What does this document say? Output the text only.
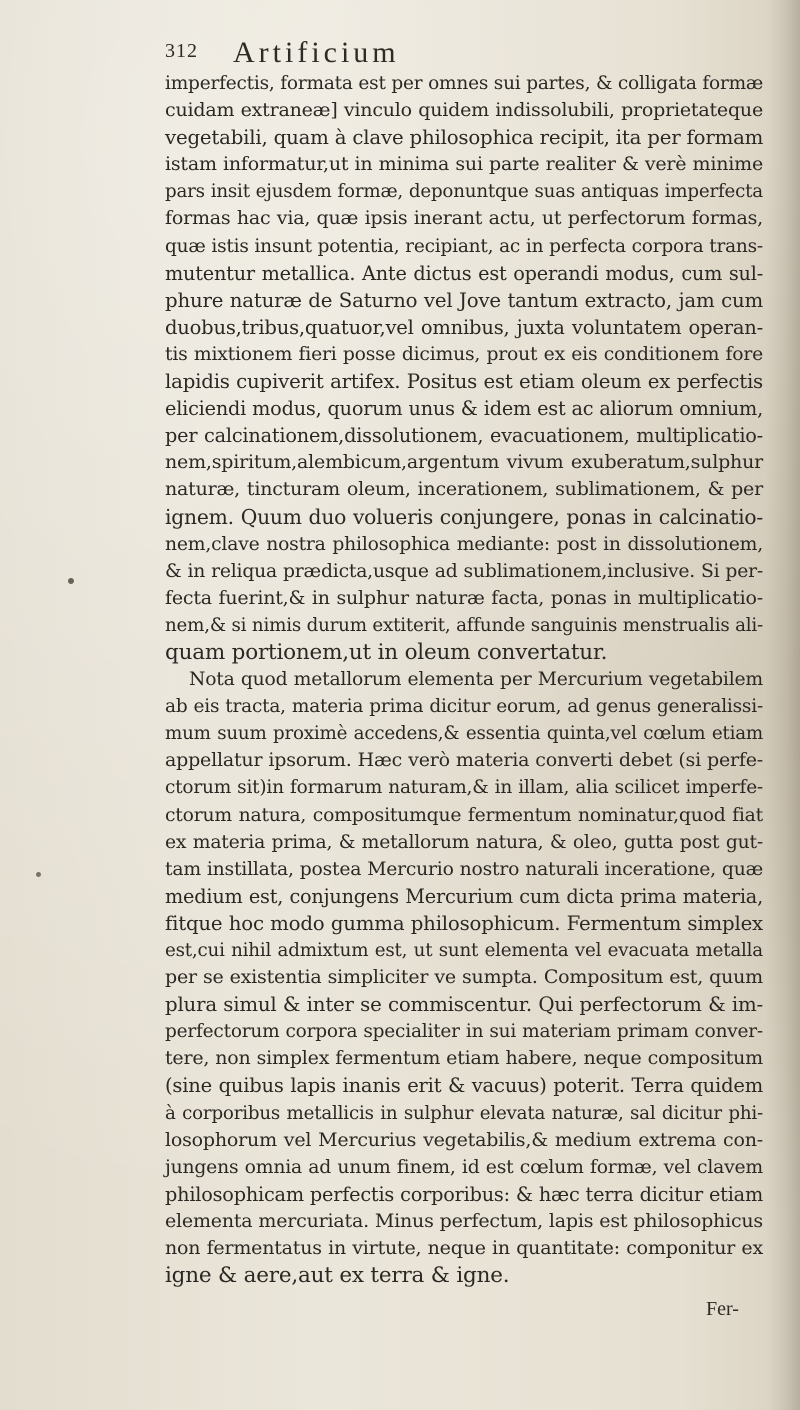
312 Artificium
imperfectis, formata est per omnes sui partes, & colligata formæ
cuidam extraneæ] vinculo quidem indissolubili, proprietateque
vegetabili, quam à clave philosophica recipit, ita per formam
istam informatur,ut in minima sui parte realiter & verè minime
pars insit ejusdem formæ, deponuntque suas antiquas imperfecta
formas hac via, quæ ipsis inerant actu, ut perfectorum formas,
quæ istis insunt potentia, recipiant, ac in perfecta corpora trans-
mutentur metallica. Ante dictus est operandi modus, cum sul-
phure naturæ de Saturno vel Jove tantum extracto, jam cum
duobus,tribus,quatuor,vel omnibus, juxta voluntatem operan-
tis mixtionem fieri posse dicimus, prout ex eis conditionem fore
lapidis cupiverit artifex. Positus est etiam oleum ex perfectis
eliciendi modus, quorum unus & idem est ac aliorum omnium,
per calcinationem,dissolutionem, evacuationem, multiplicatio-
nem,spiritum,alembicum,argentum vivum exuberatum,sulphur
naturæ, tincturam oleum, incerationem, sublimationem, & per
ignem. Quum duo volueris conjungere, ponas in calcinatio-
nem,clave nostra philosophica mediante: post in dissolutionem,
& in reliqua prædicta,usque ad sublimationem,inclusive. Si per-
fecta fuerint,& in sulphur naturæ facta, ponas in multiplicatio-
nem,& si nimis durum extiterit, affunde sanguinis menstrualis ali-
quam portionem,ut in oleum convertatur.
Nota quod metallorum elementa per Mercurium vegetabilem
ab eis tracta, materia prima dicitur eorum, ad genus generalissi-
mum suum proximè accedens,& essentia quinta,vel cœlum etiam
appellatur ipsorum. Hæc verò materia converti debet (si perfe-
ctorum sit)in formarum naturam,& in illam, alia scilicet imperfe-
ctorum natura, compositumque fermentum nominatur,quod fiat
ex materia prima, & metallorum natura, & oleo, gutta post gut-
tam instillata, postea Mercurio nostro naturali inceratione, quæ
medium est, conjungens Mercurium cum dicta prima materia,
fitque hoc modo gumma philosophicum. Fermentum simplex
est,cui nihil admixtum est, ut sunt elementa vel evacuata metalla
per se existentia simpliciter ve sumpta. Compositum est, quum
plura simul & inter se commiscentur. Qui perfectorum & im-
perfectorum corpora specialiter in sui materiam primam conver-
tere, non simplex fermentum etiam habere, neque compositum
(sine quibus lapis inanis erit & vacuus) poterit. Terra quidem
à corporibus metallicis in sulphur elevata naturæ, sal dicitur phi-
losophorum vel Mercurius vegetabilis,& medium extrema con-
jungens omnia ad unum finem, id est cœlum formæ, vel clavem
philosophicam perfectis corporibus: & hæc terra dicitur etiam
elementa mercuriata. Minus perfectum, lapis est philosophicus
non fermentatus in virtute, neque in quantitate: componitur ex
igne & aere,aut ex terra & igne.
Fer-
